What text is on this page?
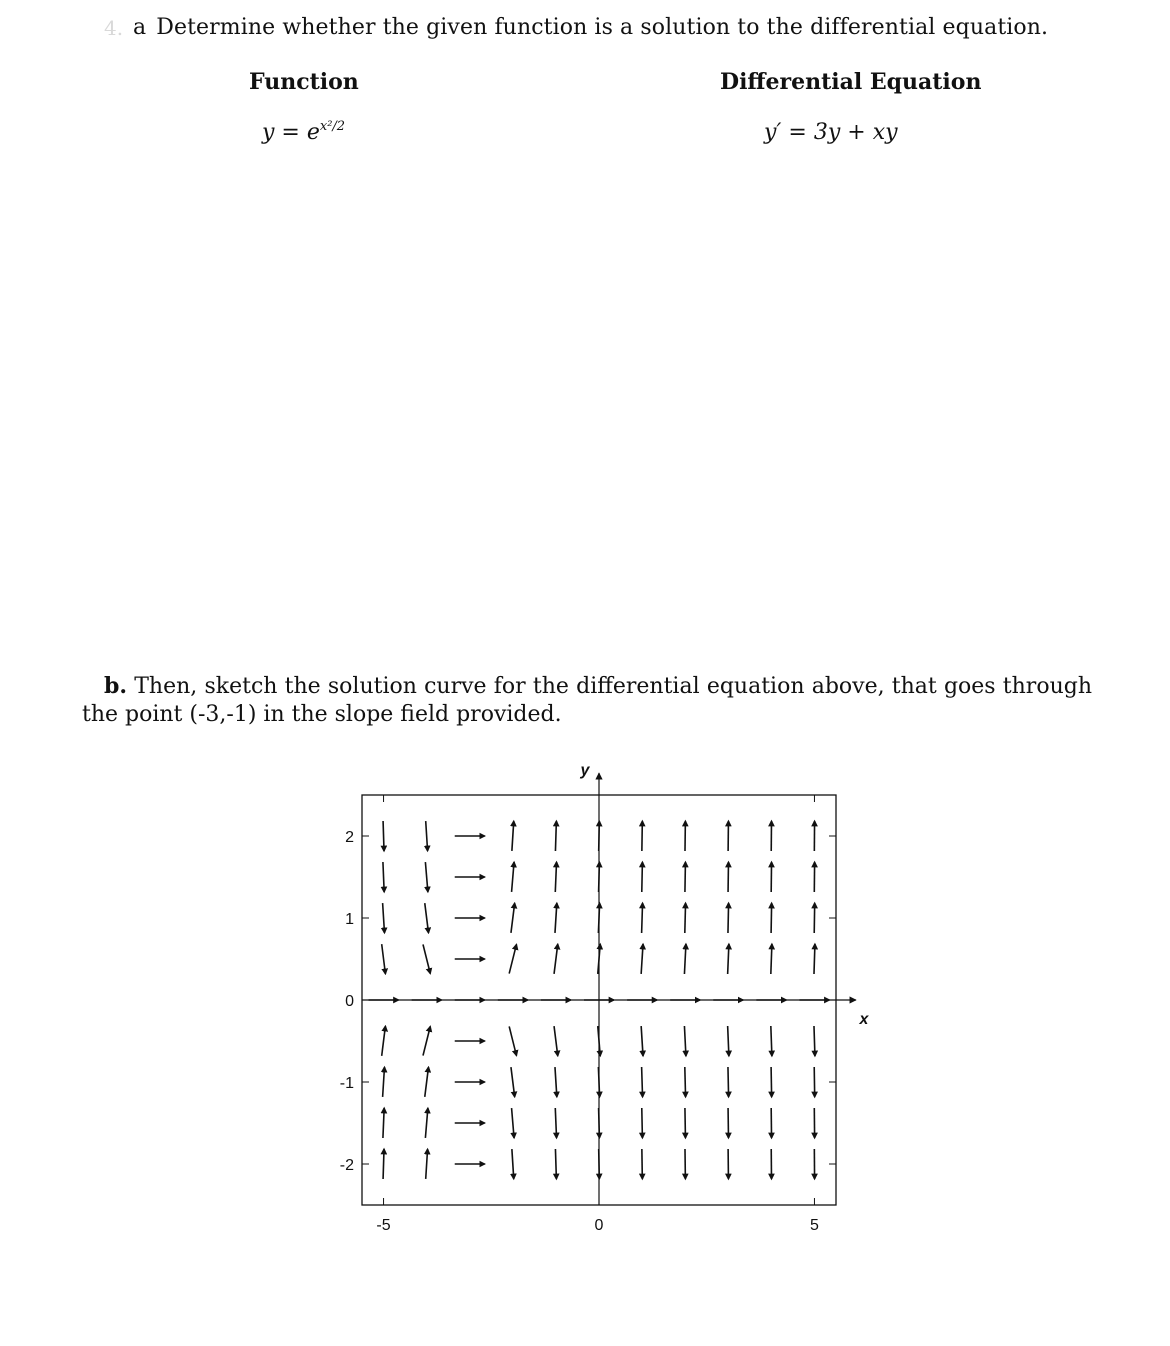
4. a Determine whether the given function is a solution to the differential equation.
Function	Differential Equation
$y = e^{x^2/2}$	y′ = 3y + xy
b. Then, sketch the solution curve for the differential equation above, that goes through the point (-3,-1) in the slope field provided.
-2
-1
0
1
2
-5	0	5
x
y
